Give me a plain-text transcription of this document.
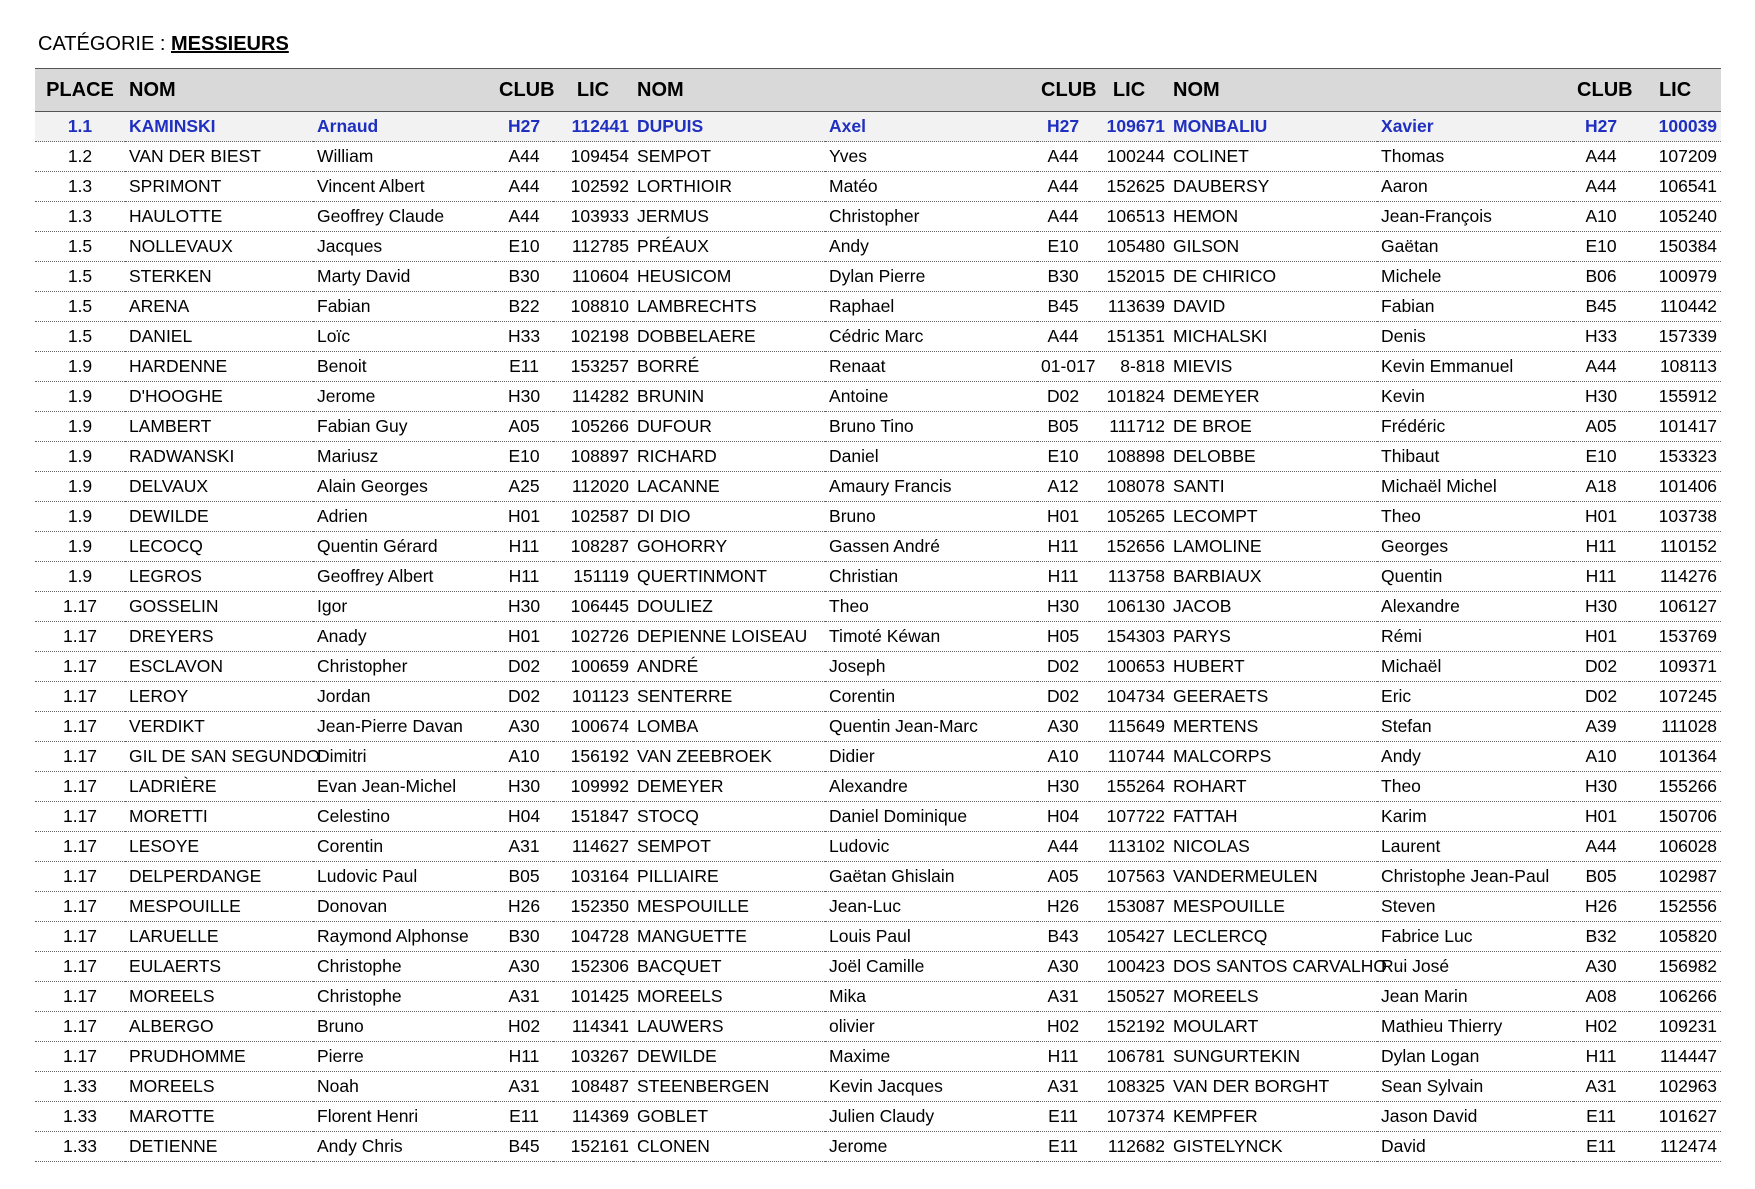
CATÉGORIE : MESSIEURS
PLACE	NOM		CLUB	LIC	NOM		CLUB	LIC	NOM		CLUB	LIC
1.1	KAMINSKI	Arnaud	H27	112441	DUPUIS	Axel	H27	109671	MONBALIU	Xavier	H27	100039
1.2	VAN DER BIEST	William	A44	109454	SEMPOT	Yves	A44	100244	COLINET	Thomas	A44	107209
1.3	SPRIMONT	Vincent Albert	A44	102592	LORTHIOIR	Matéo	A44	152625	DAUBERSY	Aaron	A44	106541
1.3	HAULOTTE	Geoffrey Claude	A44	103933	JERMUS	Christopher	A44	106513	HEMON	Jean-François	A10	105240
1.5	NOLLEVAUX	Jacques	E10	112785	PRÉAUX	Andy	E10	105480	GILSON	Gaëtan	E10	150384
1.5	STERKEN	Marty David	B30	110604	HEUSICOM	Dylan Pierre	B30	152015	DE CHIRICO	Michele	B06	100979
1.5	ARENA	Fabian	B22	108810	LAMBRECHTS	Raphael	B45	113639	DAVID	Fabian	B45	110442
1.5	DANIEL	Loïc	H33	102198	DOBBELAERE	Cédric Marc	A44	151351	MICHALSKI	Denis	H33	157339
1.9	HARDENNE	Benoit	E11	153257	BORRÉ	Renaat	01-017	8-818	MIEVIS	Kevin Emmanuel	A44	108113
1.9	D'HOOGHE	Jerome	H30	114282	BRUNIN	Antoine	D02	101824	DEMEYER	Kevin	H30	155912
1.9	LAMBERT	Fabian Guy	A05	105266	DUFOUR	Bruno Tino	B05	111712	DE BROE	Frédéric	A05	101417
1.9	RADWANSKI	Mariusz	E10	108897	RICHARD	Daniel	E10	108898	DELOBBE	Thibaut	E10	153323
1.9	DELVAUX	Alain Georges	A25	112020	LACANNE	Amaury Francis	A12	108078	SANTI	Michaël Michel	A18	101406
1.9	DEWILDE	Adrien	H01	102587	DI DIO	Bruno	H01	105265	LECOMPT	Theo	H01	103738
1.9	LECOCQ	Quentin Gérard	H11	108287	GOHORRY	Gassen André	H11	152656	LAMOLINE	Georges	H11	110152
1.9	LEGROS	Geoffrey Albert	H11	151119	QUERTINMONT	Christian	H11	113758	BARBIAUX	Quentin	H11	114276
1.17	GOSSELIN	Igor	H30	106445	DOULIEZ	Theo	H30	106130	JACOB	Alexandre	H30	106127
1.17	DREYERS	Anady	H01	102726	DEPIENNE LOISEAU	Timoté Kéwan	H05	154303	PARYS	Rémi	H01	153769
1.17	ESCLAVON	Christopher	D02	100659	ANDRÉ	Joseph	D02	100653	HUBERT	Michaël	D02	109371
1.17	LEROY	Jordan	D02	101123	SENTERRE	Corentin	D02	104734	GEERAETS	Eric	D02	107245
1.17	VERDIKT	Jean-Pierre Davan	A30	100674	LOMBA	Quentin Jean-Marc	A30	115649	MERTENS	Stefan	A39	111028
1.17	GIL DE SAN SEGUNDO	Dimitri	A10	156192	VAN ZEEBROEK	Didier	A10	110744	MALCORPS	Andy	A10	101364
1.17	LADRIÈRE	Evan Jean-Michel	H30	109992	DEMEYER	Alexandre	H30	155264	ROHART	Theo	H30	155266
1.17	MORETTI	Celestino	H04	151847	STOCQ	Daniel Dominique	H04	107722	FATTAH	Karim	H01	150706
1.17	LESOYE	Corentin	A31	114627	SEMPOT	Ludovic	A44	113102	NICOLAS	Laurent	A44	106028
1.17	DELPERDANGE	Ludovic Paul	B05	103164	PILLIAIRE	Gaëtan Ghislain	A05	107563	VANDERMEULEN	Christophe Jean-Paul	B05	102987
1.17	MESPOUILLE	Donovan	H26	152350	MESPOUILLE	Jean-Luc	H26	153087	MESPOUILLE	Steven	H26	152556
1.17	LARUELLE	Raymond Alphonse	B30	104728	MANGUETTE	Louis Paul	B43	105427	LECLERCQ	Fabrice Luc	B32	105820
1.17	EULAERTS	Christophe	A30	152306	BACQUET	Joël Camille	A30	100423	DOS SANTOS CARVALHO	Rui José	A30	156982
1.17	MOREELS	Christophe	A31	101425	MOREELS	Mika	A31	150527	MOREELS	Jean Marin	A08	106266
1.17	ALBERGO	Bruno	H02	114341	LAUWERS	olivier	H02	152192	MOULART	Mathieu Thierry	H02	109231
1.17	PRUDHOMME	Pierre	H11	103267	DEWILDE	Maxime	H11	106781	SUNGURTEKIN	Dylan Logan	H11	114447
1.33	MOREELS	Noah	A31	108487	STEENBERGEN	Kevin Jacques	A31	108325	VAN DER BORGHT	Sean Sylvain	A31	102963
1.33	MAROTTE	Florent Henri	E11	114369	GOBLET	Julien Claudy	E11	107374	KEMPFER	Jason David	E11	101627
1.33	DETIENNE	Andy Chris	B45	152161	CLONEN	Jerome	E11	112682	GISTELYNCK	David	E11	112474
